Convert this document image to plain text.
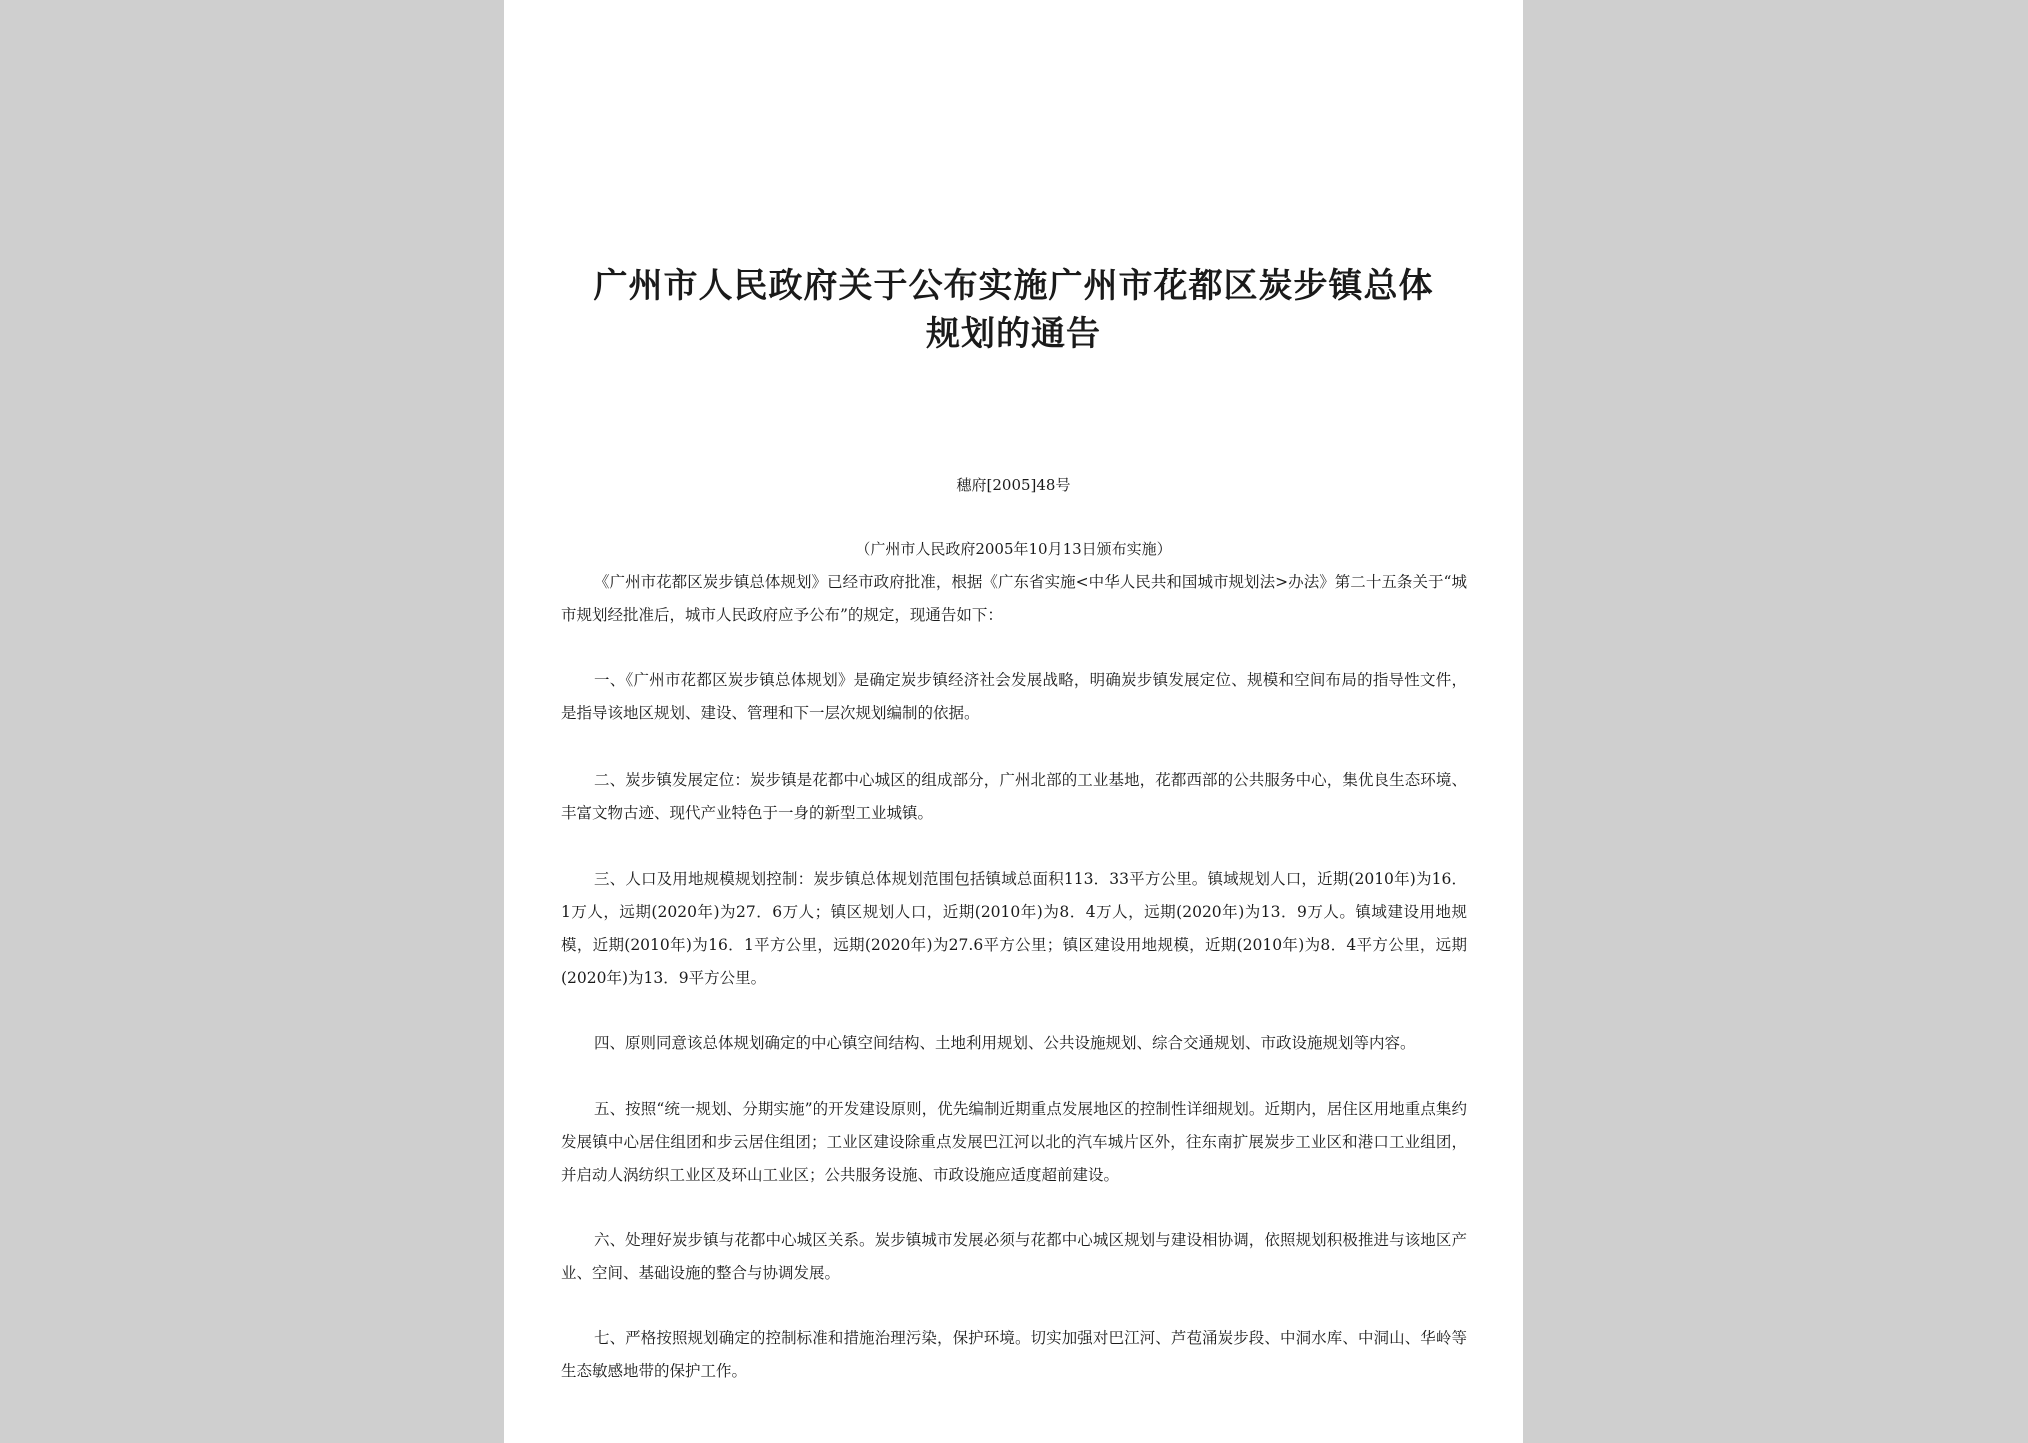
广州市人民政府关于公布实施广州市花都区炭步镇总体
规划的通告
穗府[2005]48号
（广州市人民政府2005年10月13日颁布实施）

《广州市花都区炭步镇总体规划》已经市政府批准，根据《广东省实施<中华人民共和国城市规划法>办法》第二十五条关于“城市规划经批准后，城市人民政府应予公布”的规定，现通告如下：

一、《广州市花都区炭步镇总体规划》是确定炭步镇经济社会发展战略，明确炭步镇发展定位、规模和空间布局的指导性文件，是指导该地区规划、建设、管理和下一层次规划编制的依据。

二、炭步镇发展定位：炭步镇是花都中心城区的组成部分，广州北部的工业基地，花都西部的公共服务中心，集优良生态环境、丰富文物古迹、现代产业特色于一身的新型工业城镇。

三、人口及用地规模规划控制：炭步镇总体规划范围包括镇域总面积113．33平方公里。镇域规划人口，近期(2010年)为16．1万人，远期(2020年)为27．6万人；镇区规划人口，近期(2010年)为8．4万人，远期(2020年)为13．9万人。镇域建设用地规模，近期(2010年)为16．1平方公里，远期(2020年)为27.6平方公里；镇区建设用地规模，近期(2010年)为8．4平方公里，远期(2020年)为13．9平方公里。

四、原则同意该总体规划确定的中心镇空间结构、土地利用规划、公共设施规划、综合交通规划、市政设施规划等内容。

五、按照“统一规划、分期实施”的开发建设原则，优先编制近期重点发展地区的控制性详细规划。近期内，居住区用地重点集约发展镇中心居住组团和步云居住组团；工业区建设除重点发展巴江河以北的汽车城片区外，往东南扩展炭步工业区和港口工业组团，并启动人涡纺织工业区及环山工业区；公共服务设施、市政设施应适度超前建设。

六、处理好炭步镇与花都中心城区关系。炭步镇城市发展必须与花都中心城区规划与建设相协调，依照规划积极推进与该地区产业、空间、基础设施的整合与协调发展。

七、严格按照规划确定的控制标准和措施治理污染，保护环境。切实加强对巴江河、芦苞涌炭步段、中洞水库、中洞山、华岭等生态敏感地带的保护工作。
